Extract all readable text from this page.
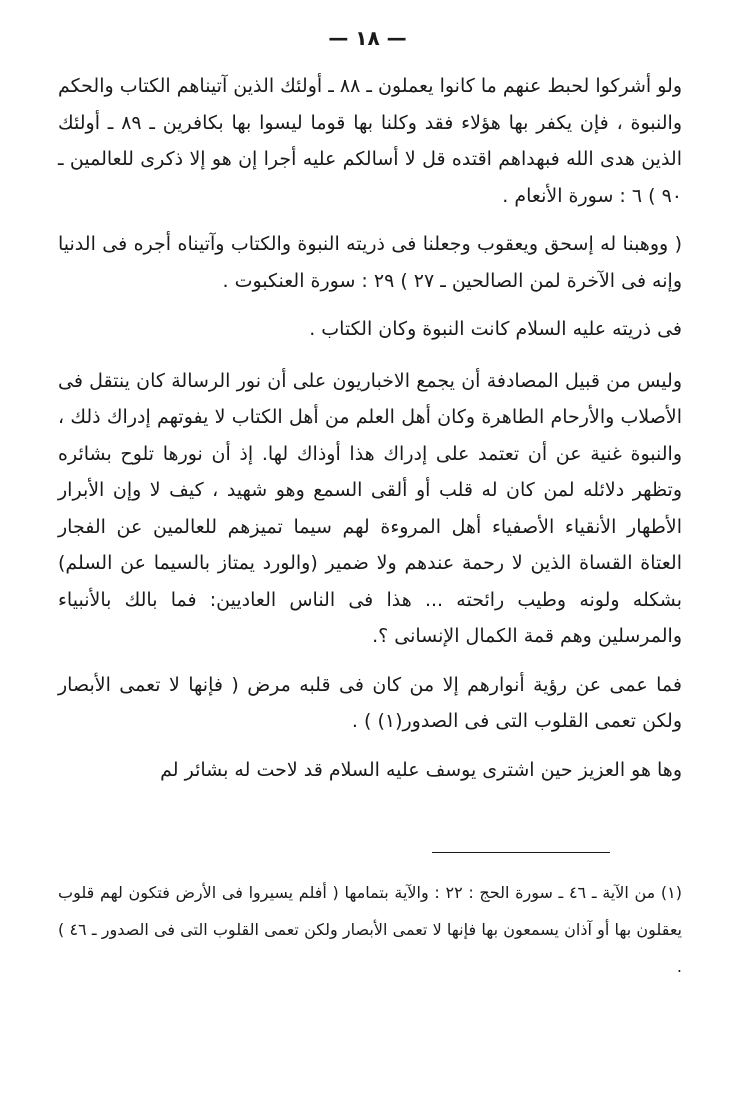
— ١٨ —

ولو أشركوا لحبط عنهم ما كانوا يعملون ـ ٨٨ ـ أولئك الذين آتيناهم الكتاب والحكم والنبوة ، فإن يكفر بها هؤلاء فقد وكلنا بها قوما ليسوا بها بكافرين ـ ٨٩ ـ أولئك الذين هدى الله فبهداهم اقتده قل لا أسالكم عليه أجرا إن هو إلا ذكرى للعالمين ـ ٩٠ ) ٦ : سورة الأنعام .

( ووهبنا له إسحق ويعقوب وجعلنا فى ذريته النبوة والكتاب وآتيناه أجره فى الدنيا وإنه فى الآخرة لمن الصالحين ـ ٢٧ ) ٢٩ : سورة العنكبوت .

فى ذريته عليه السلام كانت النبوة وكان الكتاب .

وليس من قبيل المصادفة أن يجمع الاخباريون على أن نور الرسالة كان ينتقل فى الأصلاب والأرحام الطاهرة وكان أهل العلم من أهل الكتاب لا يفوتهم إدراك ذلك ، والنبوة غنية عن أن تعتمد على إدراك هذا أوذاك لها. إذ أن نورها تلوح بشائره وتظهر دلائله لمن كان له قلب أو ألقى السمع وهو شهيد ، كيف لا وإن الأبرار الأطهار الأنقياء الأصفياء أهل المروءة لهم سيما تميزهم للعالمين عن الفجار العتاة القساة الذين لا رحمة عندهم ولا ضمير (والورد يمتاز بالسيما عن السلم) بشكله ولونه وطيب رائحته ... هذا فى الناس العاديين: فما بالك بالأنبياء والمرسلين وهم قمة الكمال الإنسانى ؟.

فما عمى عن رؤية أنوارهم إلا من كان فى قلبه مرض ( فإنها لا تعمى الأبصار ولكن تعمى القلوب التى فى الصدور(١) ) .

وها هو العزيز حين اشترى يوسف عليه السلام قد لاحت له بشائر لم

(١) من الآية ـ ٤٦ ـ سورة الحج : ٢٢ : والآية بتمامها ( أفلم يسيروا فى الأرض فتكون لهم قلوب يعقلون بها أو آذان يسمعون بها فإنها لا تعمى الأبصار ولكن تعمى القلوب التى فى الصدور ـ ٤٦ ) .
